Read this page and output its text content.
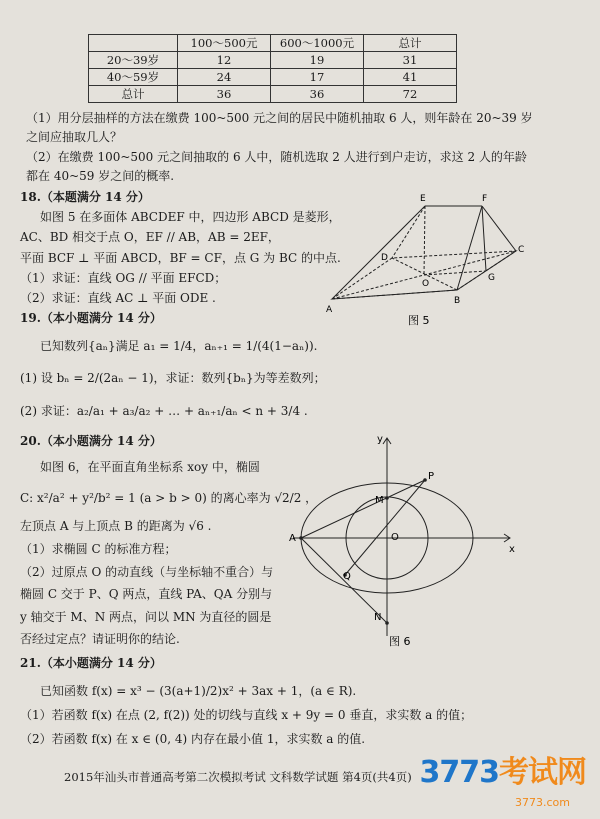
	100～500元	600～1000元	总计
20～39岁	12	19	31
40～59岁	24	17	41
总计	36	36	72
（1）用分层抽样的方法在缴费 100~500 元之间的居民中随机抽取 6 人，则年龄在 20~39 岁
之间应抽取几人？
（2）在缴费 100~500 元之间抽取的 6 人中，随机选取 2 人进行到户走访，求这 2 人的年龄
都在 40~59 岁之间的概率.
18.（本题满分 14 分）
如图 5 在多面体 ABCDEF 中，四边形 ABCD 是菱形，
AC、BD 相交于点 O，EF // AB，AB = 2EF，
平面 BCF ⊥ 平面 ABCD，BF = CF，点 G 为 BC 的中点.
（1）求证：直线 OG // 平面 EFCD；
（2）求证：直线 AC ⊥ 平面 ODE .
E	F
D
C
G
O
A
B
图 5
19.（本小题满分 14 分）
已知数列{aₙ}满足 a₁ = 1/4，aₙ₊₁ = 1/(4(1−aₙ)).
(1) 设 bₙ = 2/(2aₙ − 1)，求证：数列{bₙ}为等差数列；
(2) 求证：a₂/a₁ + a₃/a₂ + … + aₙ₊₁/aₙ < n + 3/4 .
20.（本小题满分 14 分）
如图 6，在平面直角坐标系 xoy 中，椭圆
C: x²/a² + y²/b² = 1 (a > b > 0) 的离心率为 √2/2 ，
左顶点 A 与上顶点 B 的距离为 √6 .
（1）求椭圆 C 的标准方程；
（2）过原点 O 的动直线（与坐标轴不重合）与
椭圆 C 交于 P、Q 两点，直线 PA、QA 分别与
y 轴交于 M、N 两点，问以 MN 为直径的圆是
否经过定点？请证明你的结论.
y
x
P
M
A	O
Q
N
图 6
21.（本小题满分 14 分）
已知函数 f(x) = x³ − (3(a+1)/2)x² + 3ax + 1，(a ∈ R).
（1）若函数 f(x) 在点 (2, f(2)) 处的切线与直线 x + 9y = 0 垂直，求实数 a 的值；
（2）若函数 f(x) 在 x ∈ (0, 4) 内存在最小值 1，求实数 a 的值.
2015年汕头市普通高考第二次模拟考试 文科数学试题 第4页(共4页) 3773考试网
3773.com
